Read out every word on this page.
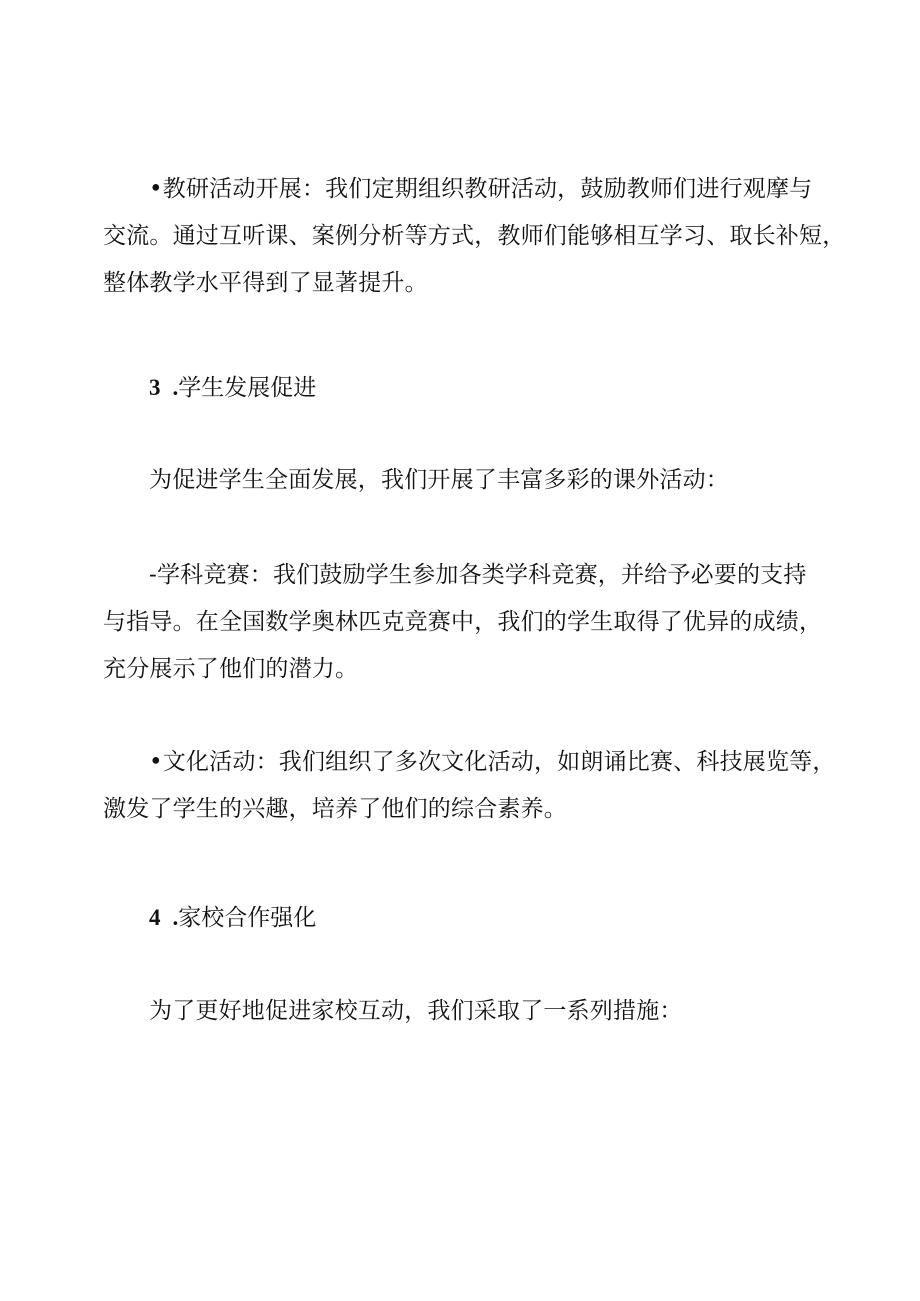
•教研活动开展：我们定期组织教研活动，鼓励教师们进行观摩与
交流。通过互听课、案例分析等方式，教师们能够相互学习、取长补短，
整体教学水平得到了显著提升。
3 .学生发展促进
为促进学生全面发展，我们开展了丰富多彩的课外活动：
-学科竞赛：我们鼓励学生参加各类学科竞赛，并给予必要的支持
与指导。在全国数学奥林匹克竞赛中，我们的学生取得了优异的成绩，
充分展示了他们的潜力。
•文化活动：我们组织了多次文化活动，如朗诵比赛、科技展览等，
激发了学生的兴趣，培养了他们的综合素养。
4 .家校合作强化
为了更好地促进家校互动，我们采取了一系列措施：
